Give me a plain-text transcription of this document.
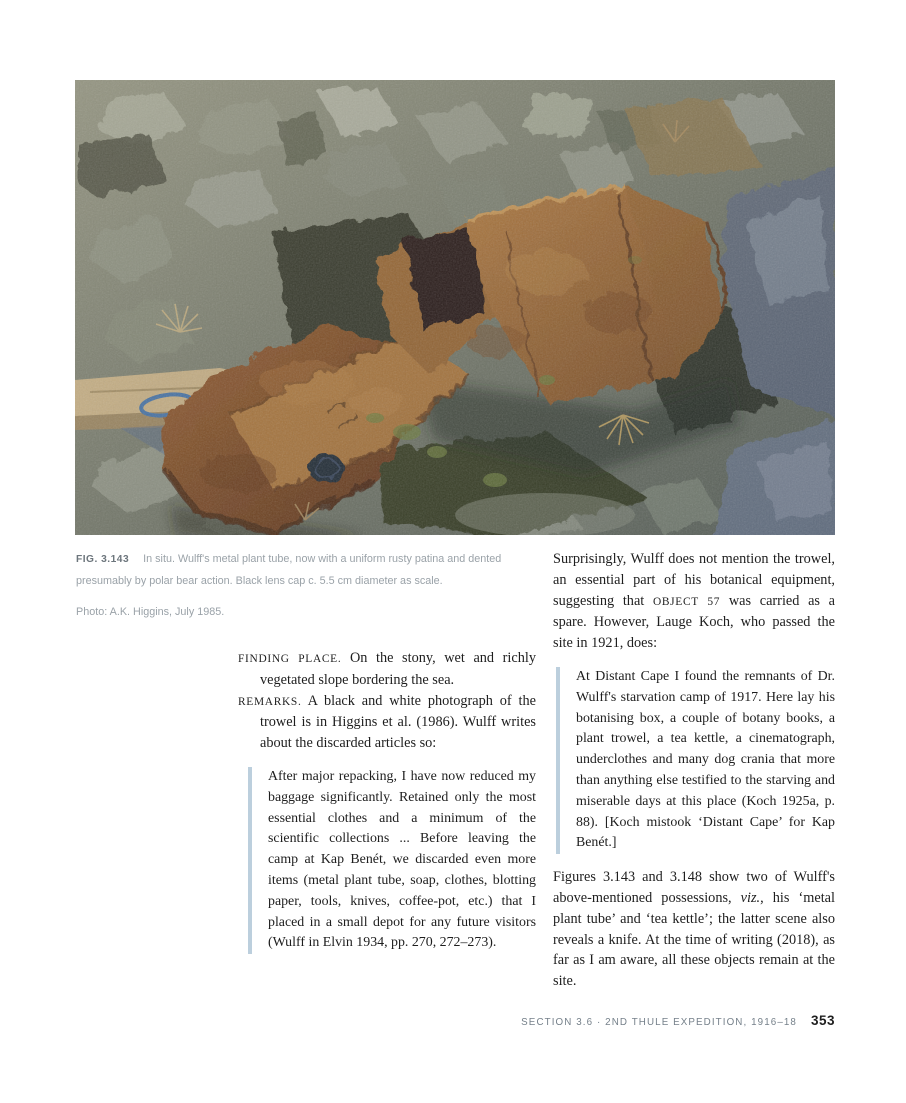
FIG. 3.143 In situ. Wulff's metal plant tube, now with a uniform rusty patina and dented presumably by polar bear action. Black lens cap c. 5.5 cm diameter as scale.

Photo: A.K. Higgins, July 1985.

FINDING PLACE. On the stony, wet and richly vegetated slope bordering the sea.

REMARKS. A black and white photograph of the trowel is in Higgins et al. (1986). Wulff writes about the discarded articles so:

After major repacking, I have now reduced my baggage significantly. Retained only the most essential clothes and a minimum of the scientific collections ... Before leaving the camp at Kap Benét, we discarded even more items (metal plant tube, soap, clothes, blotting paper, tools, knives, coffee-pot, etc.) that I placed in a small depot for any future visitors (Wulff in Elvin 1934, pp. 270, 272–273).

Surprisingly, Wulff does not mention the trowel, an essential part of his botanical equipment, suggesting that OBJECT 57 was carried as a spare. However, Lauge Koch, who passed the site in 1921, does:

At Distant Cape I found the remnants of Dr. Wulff's starvation camp of 1917. Here lay his botanising box, a couple of botany books, a plant trowel, a tea kettle, a cinematograph, underclothes and many dog crania that more than anything else testified to the starving and miserable days at this place (Koch 1925a, p. 88). [Koch mistook ‘Distant Cape’ for Kap Benét.]

Figures 3.143 and 3.148 show two of Wulff's above-mentioned possessions, viz., his ‘metal plant tube’ and ‘tea kettle’; the latter scene also reveals a knife. At the time of writing (2018), as far as I am aware, all these objects remain at the site.

SECTION 3.6 · 2ND THULE EXPEDITION, 1916–18 353
